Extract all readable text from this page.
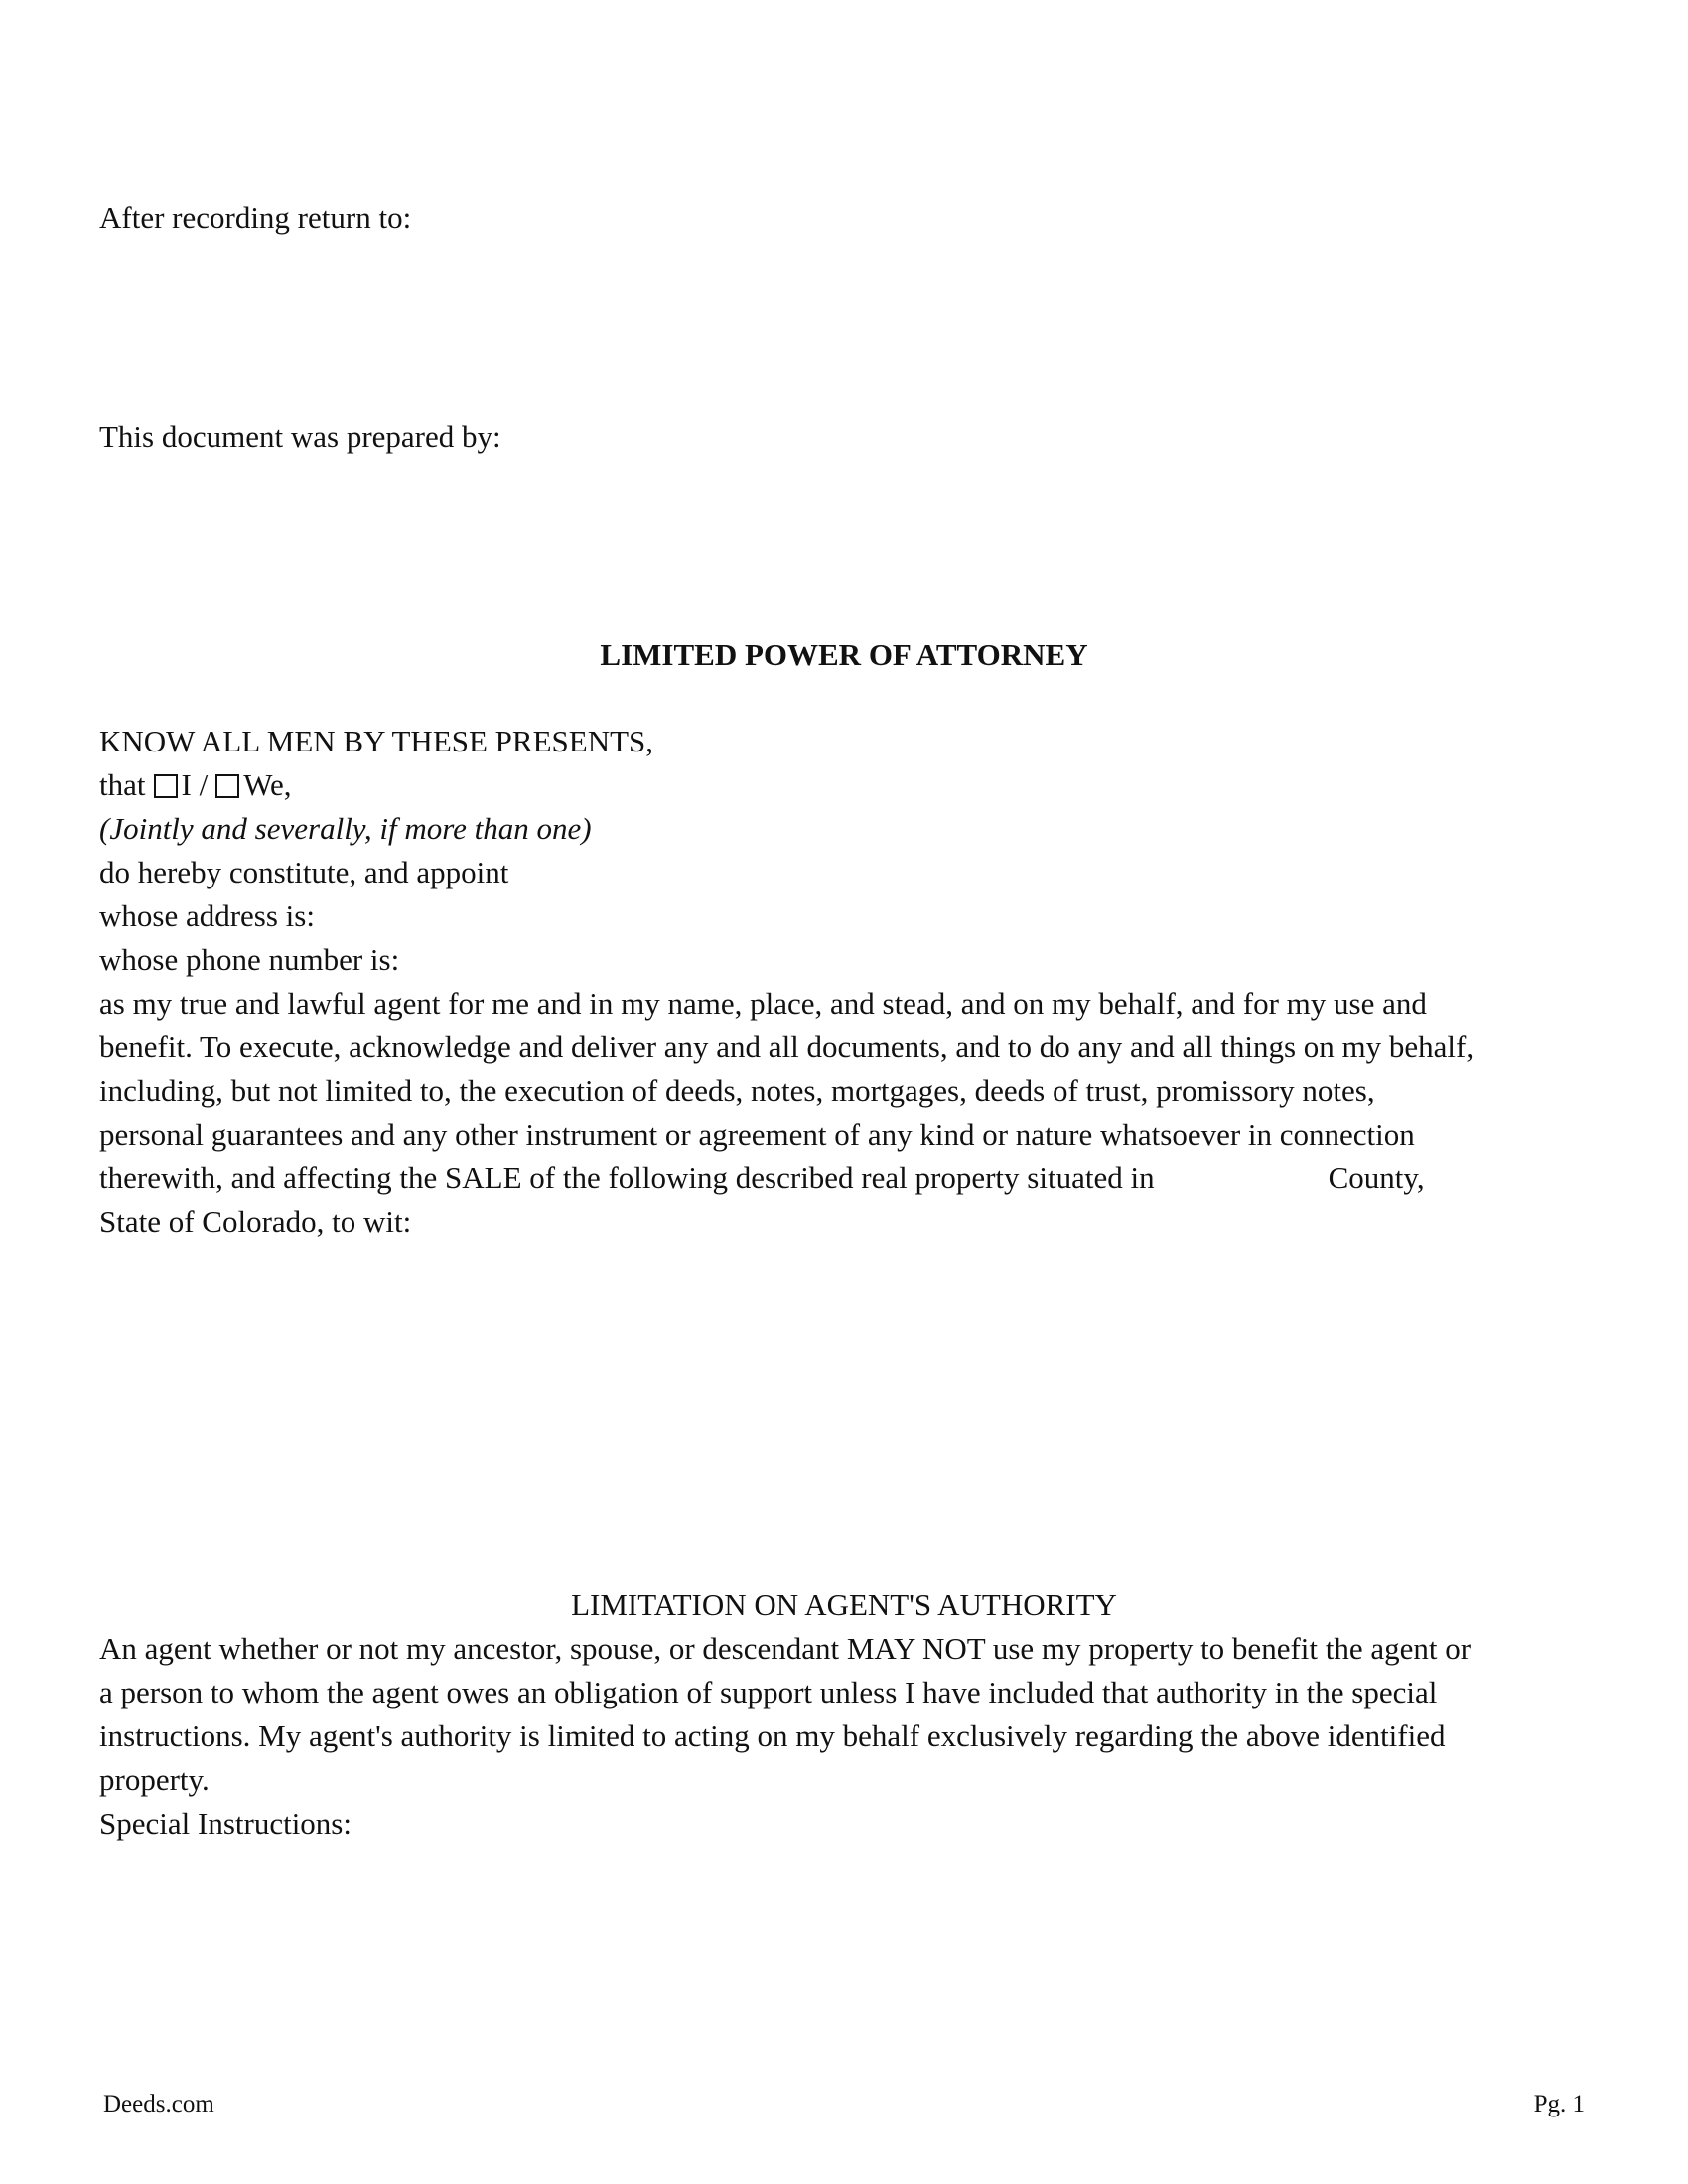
After recording return to:
This document was prepared by:
LIMITED POWER OF ATTORNEY
KNOW ALL MEN BY THESE PRESENTS,
that I / We,
(Jointly and severally, if more than one)
do hereby constitute, and appoint
whose address is:
whose phone number is:
as my true and lawful agent for me and in my name, place, and stead, and on my behalf, and for my use and
benefit. To execute, acknowledge and deliver any and all documents, and to do any and all things on my behalf,
including, but not limited to, the execution of deeds, notes, mortgages, deeds of trust, promissory notes,
personal guarantees and any other instrument or agreement of any kind or nature whatsoever in connection
therewith, and affecting the SALE of the following described real property situated in	County,
State of Colorado, to wit:
LIMITATION ON AGENT'S AUTHORITY
An agent whether or not my ancestor, spouse, or descendant MAY NOT use my property to benefit the agent or
a person to whom the agent owes an obligation of support unless I have included that authority in the special
instructions. My agent's authority is limited to acting on my behalf exclusively regarding the above identified
property.
Special Instructions:
Deeds.com	Pg. 1
